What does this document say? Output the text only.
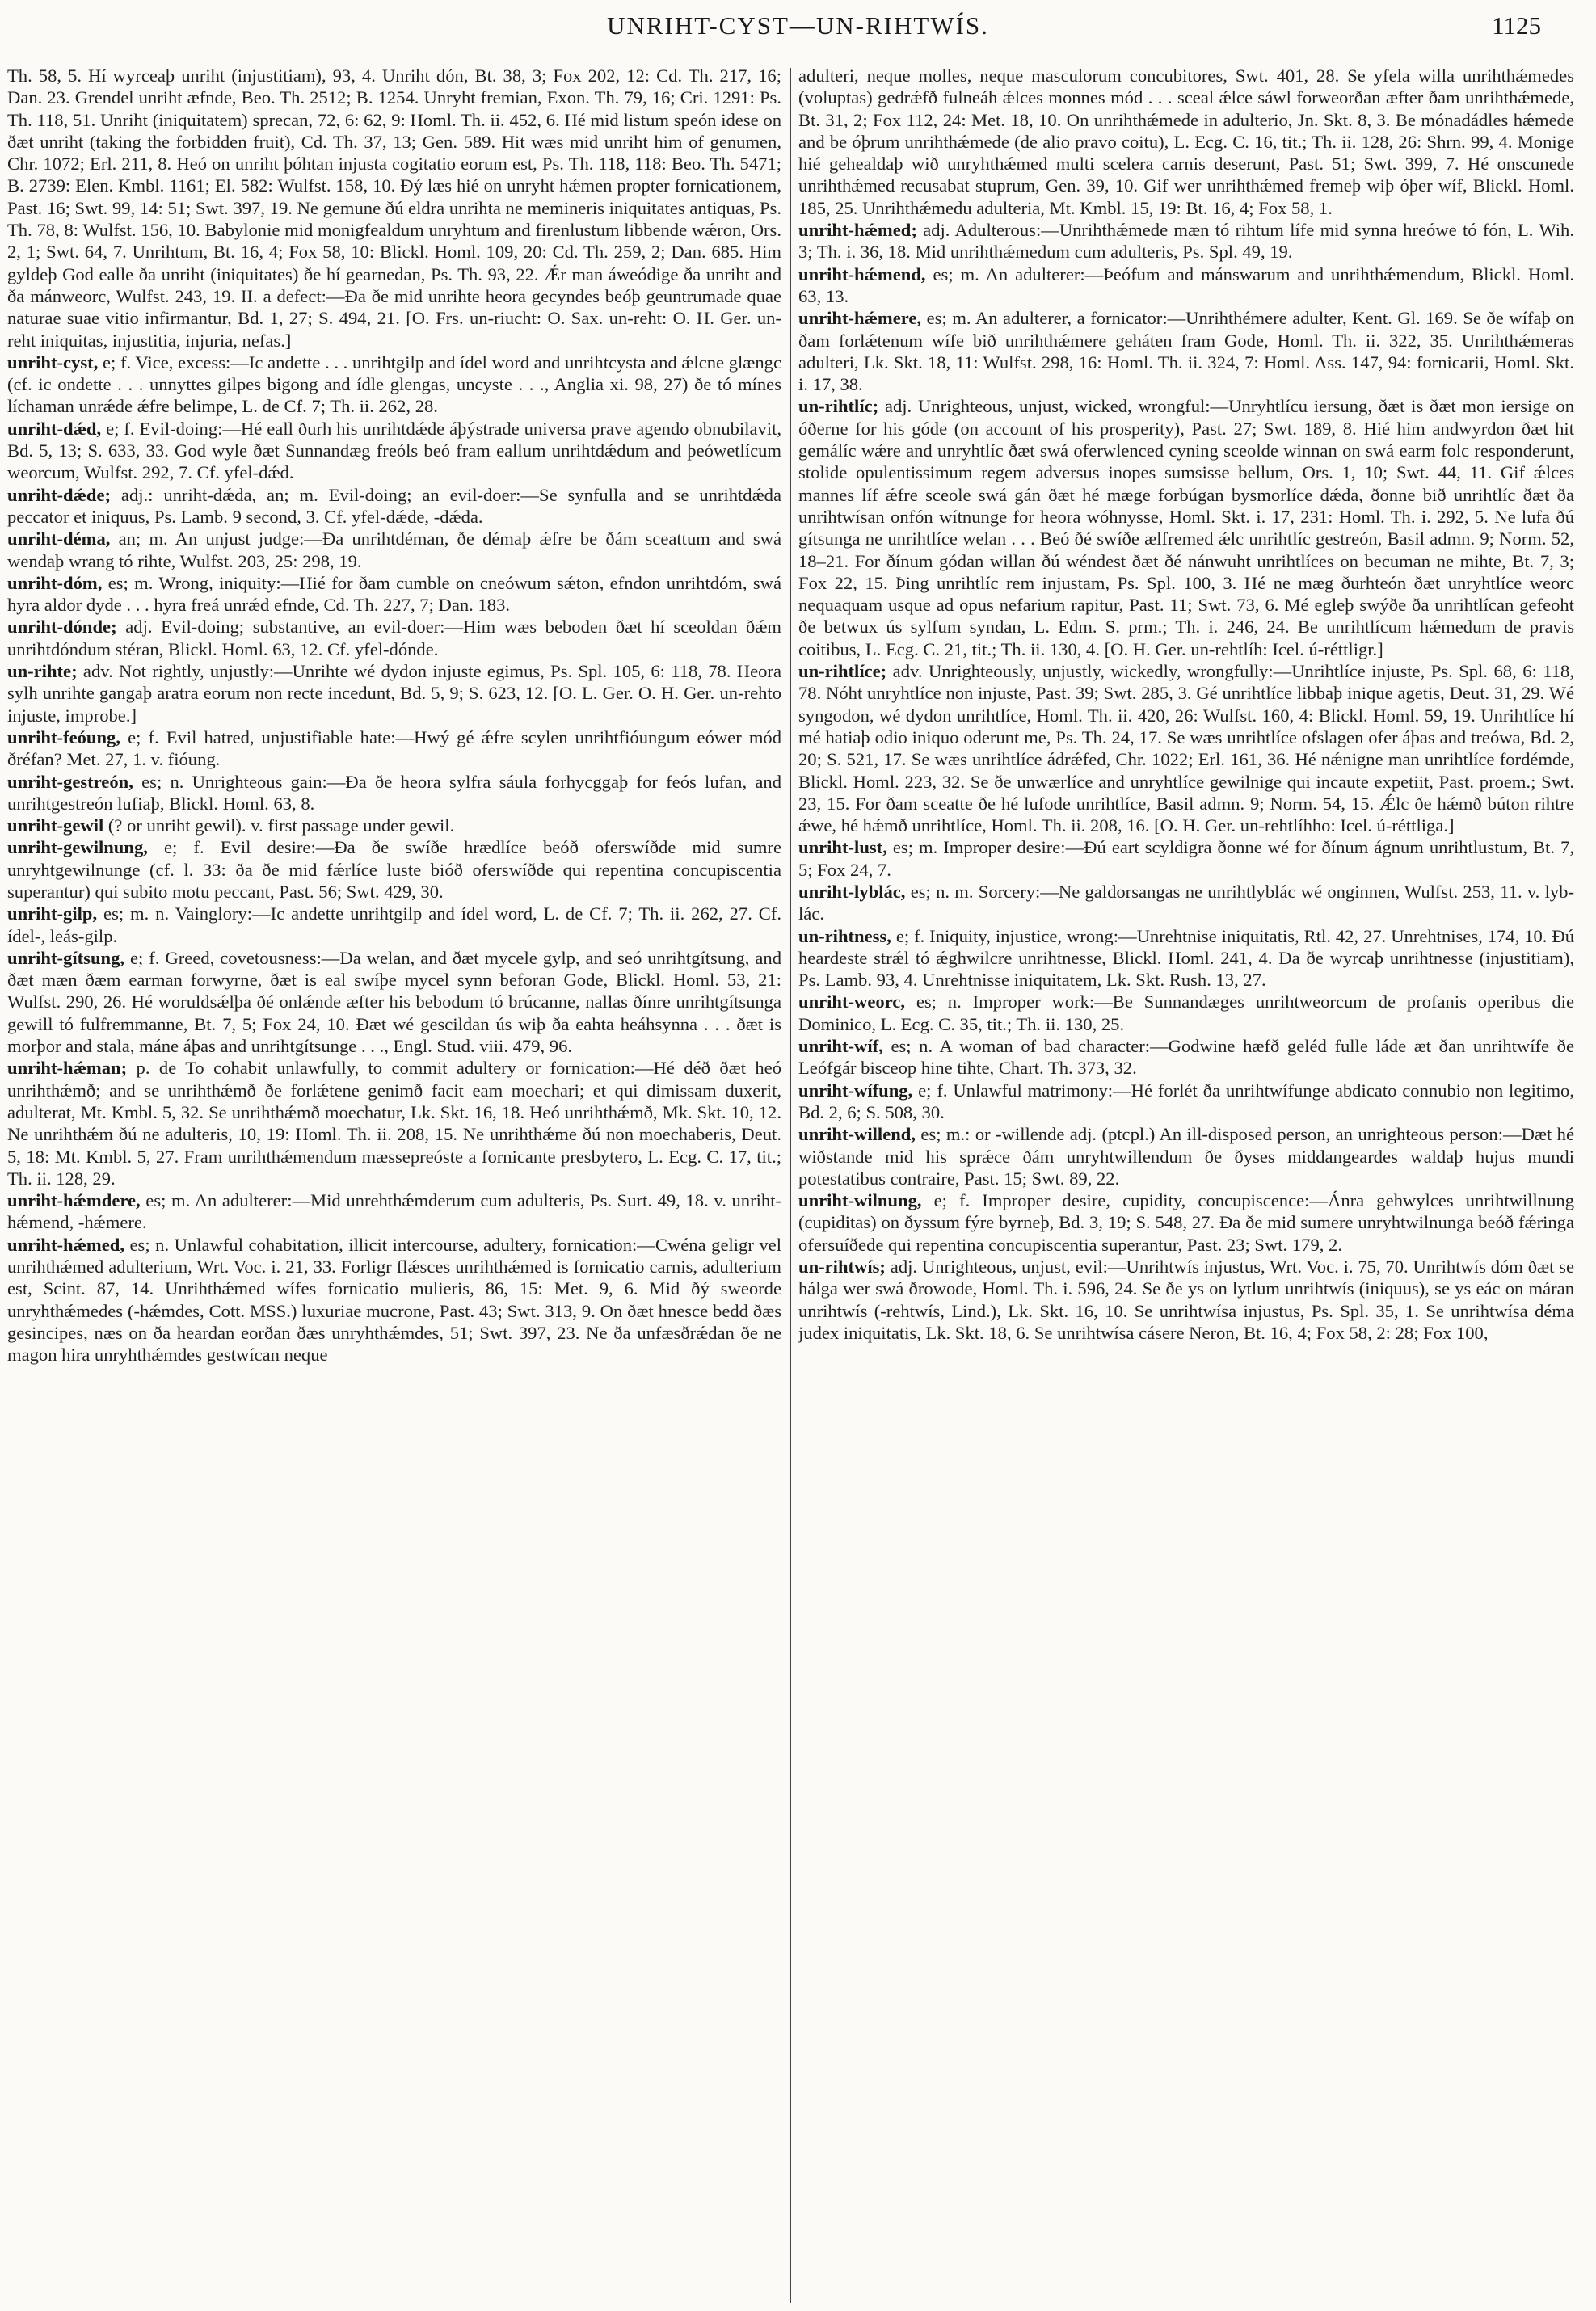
UNRIHT-CYST—UN-RIHTWÍS.	1125

Th. 58, 5. Hí wyrceaþ unriht (injustitiam), 93, 4. Unriht dón, Bt. 38, 3; Fox 202, 12: Cd. Th. 217, 16; Dan. 23. Grendel unriht æfnde, Beo. Th. 2512; B. 1254. Unryht fremian, Exon. Th. 79, 16; Cri. 1291: Ps. Th. 118, 51. Unriht (iniquitatem) sprecan, 72, 6: 62, 9: Homl. Th. ii. 452, 6. Hé mid listum speón idese on ðæt unriht (taking the forbidden fruit), Cd. Th. 37, 13; Gen. 589. Hit wæs mid unriht him of genumen, Chr. 1072; Erl. 211, 8. Heó on unriht þóhtan injusta cogitatio eorum est, Ps. Th. 118, 118: Beo. Th. 5471; B. 2739: Elen. Kmbl. 1161; El. 582: Wulfst. 158, 10. Ðý læs hié on unryht hǽmen propter fornicationem, Past. 16; Swt. 99, 14: 51; Swt. 397, 19. Ne gemune ðú eldra unrihta ne memineris iniquitates antiquas, Ps. Th. 78, 8: Wulfst. 156, 10. Babylonie mid monigfealdum unryhtum and firenlustum libbende wǽron, Ors. 2, 1; Swt. 64, 7. Unrihtum, Bt. 16, 4; Fox 58, 10: Blickl. Homl. 109, 20: Cd. Th. 259, 2; Dan. 685. Him gyldeþ God ealle ða unriht (iniquitates) ðe hí gearnedan, Ps. Th. 93, 22. Ǽr man áweódige ða unriht and ða mánweorc, Wulfst. 243, 19. II. a defect:—Ða ðe mid unrihte heora gecyndes beóþ geuntrumade quae naturae suae vitio infirmantur, Bd. 1, 27; S. 494, 21. [O. Frs. un-riucht: O. Sax. un-reht: O. H. Ger. un-reht iniquitas, injustitia, injuria, nefas.]

unriht-cyst, e; f. Vice, excess:—Ic andette . . . unrihtgilp and ídel word and unrihtcysta and ǽlcne glængc (cf. ic ondette . . . unnyttes gilpes bigong and ídle glengas, uncyste . . ., Anglia xi. 98, 27) ðe tó mínes líchaman unrǽde ǽfre belimpe, L. de Cf. 7; Th. ii. 262, 28.

unriht-dǽd, e; f. Evil-doing:—Hé eall ðurh his unrihtdǽde áþýstrade universa prave agendo obnubilavit, Bd. 5, 13; S. 633, 33. God wyle ðæt Sunnandæg freóls beó fram eallum unrihtdǽdum and þeówetlícum weorcum, Wulfst. 292, 7. Cf. yfel-dǽd.

unriht-dǽde; adj.: unriht-dǽda, an; m. Evil-doing; an evil-doer:—Se synfulla and se unrihtdǽda peccator et iniquus, Ps. Lamb. 9 second, 3. Cf. yfel-dǽde, -dǽda.

unriht-déma, an; m. An unjust judge:—Ða unrihtdéman, ðe démaþ ǽfre be ðám sceattum and swá wendaþ wrang tó rihte, Wulfst. 203, 25: 298, 19.

unriht-dóm, es; m. Wrong, iniquity:—Hié for ðam cumble on cneówum sǽton, efndon unrihtdóm, swá hyra aldor dyde . . . hyra freá unrǽd efnde, Cd. Th. 227, 7; Dan. 183.

unriht-dónde; adj. Evil-doing; substantive, an evil-doer:—Him wæs beboden ðæt hí sceoldan ðǽm unrihtdóndum stéran, Blickl. Homl. 63, 12. Cf. yfel-dónde.

un-rihte; adv. Not rightly, unjustly:—Unrihte wé dydon injuste egimus, Ps. Spl. 105, 6: 118, 78. Heora sylh unrihte gangaþ aratra eorum non recte incedunt, Bd. 5, 9; S. 623, 12. [O. L. Ger. O. H. Ger. un-rehto injuste, improbe.]

unriht-feóung, e; f. Evil hatred, unjustifiable hate:—Hwý gé ǽfre scylen unrihtfióungum eówer mód ðréfan? Met. 27, 1. v. fióung.

unriht-gestreón, es; n. Unrighteous gain:—Ða ðe heora sylfra sáula forhycggaþ for feós lufan, and unrihtgestreón lufiaþ, Blickl. Homl. 63, 8.

unriht-gewil (? or unriht gewil). v. first passage under gewil.

unriht-gewilnung, e; f. Evil desire:—Ða ðe swíðe hrædlíce beóð oferswíðde mid sumre unryhtgewilnunge (cf. l. 33: ða ðe mid fǽrlíce luste bióð oferswíðde qui repentina concupiscentia superantur) qui subito motu peccant, Past. 56; Swt. 429, 30.

unriht-gilp, es; m. n. Vainglory:—Ic andette unrihtgilp and ídel word, L. de Cf. 7; Th. ii. 262, 27. Cf. ídel-, leás-gilp.

unriht-gítsung, e; f. Greed, covetousness:—Ða welan, and ðæt mycele gylp, and seó unrihtgítsung, and ðæt mæn ðæm earman forwyrne, ðæt is eal swíþe mycel synn beforan Gode, Blickl. Homl. 53, 21: Wulfst. 290, 26. Hé woruldsǽlþa ðé onlǽnde æfter his bebodum tó brúcanne, nallas ðínre unrihtgítsunga gewill tó fulfremmanne, Bt. 7, 5; Fox 24, 10. Ðæt wé gescildan ús wiþ ða eahta heáhsynna . . . ðæt is morþor and stala, máne áþas and unrihtgítsunge . . ., Engl. Stud. viii. 479, 96.

unriht-hǽman; p. de To cohabit unlawfully, to commit adultery or fornication:—Hé déð ðæt heó unrihthǽmð; and se unrihthǽmð ðe forlǽtene genimð facit eam moechari; et qui dimissam duxerit, adulterat, Mt. Kmbl. 5, 32. Se unrihthǽmð moechatur, Lk. Skt. 16, 18. Heó unrihthǽmð, Mk. Skt. 10, 12. Ne unrihthǽm ðú ne adulteris, 10, 19: Homl. Th. ii. 208, 15. Ne unrihthǽme ðú non moechaberis, Deut. 5, 18: Mt. Kmbl. 5, 27. Fram unrihthǽmendum mæssepreóste a fornicante presbytero, L. Ecg. C. 17, tit.; Th. ii. 128, 29.

unriht-hǽmdere, es; m. An adulterer:—Mid unrehthǽmderum cum adulteris, Ps. Surt. 49, 18. v. unriht-hǽmend, -hǽmere.

unriht-hǽmed, es; n. Unlawful cohabitation, illicit intercourse, adultery, fornication:—Cwéna geligr vel unrihthǽmed adulterium, Wrt. Voc. i. 21, 33. Forligr flǽsces unrihthǽmed is fornicatio carnis, adulterium est, Scint. 87, 14. Unrihthǽmed wífes fornicatio mulieris, 86, 15: Met. 9, 6. Mid ðý sweorde unryhthǽmedes (-hǽmdes, Cott. MSS.) luxuriae mucrone, Past. 43; Swt. 313, 9. On ðæt hnesce bedd ðæs gesincipes, næs on ða heardan eorðan ðæs unryhthǽmdes, 51; Swt. 397, 23. Ne ða unfæsðrǽdan ðe ne magon hira unryhthǽmdes gestwícan neque

adulteri, neque molles, neque masculorum concubitores, Swt. 401, 28. Se yfela willa unrihthǽmedes (voluptas) gedrǽfð fulneáh ǽlces monnes mód . . . sceal ǽlce sáwl forweorðan æfter ðam unrihthǽmede, Bt. 31, 2; Fox 112, 24: Met. 18, 10. On unrihthǽmede in adulterio, Jn. Skt. 8, 3. Be mónadádles hǽmede and be óþrum unrihthǽmede (de alio pravo coitu), L. Ecg. C. 16, tit.; Th. ii. 128, 26: Shrn. 99, 4. Monige hié gehealdaþ wið unryhthǽmed multi scelera carnis deserunt, Past. 51; Swt. 399, 7. Hé onscunede unrihthǽmed recusabat stuprum, Gen. 39, 10. Gif wer unrihthǽmed fremeþ wiþ óþer wíf, Blickl. Homl. 185, 25. Unrihthǽmedu adulteria, Mt. Kmbl. 15, 19: Bt. 16, 4; Fox 58, 1.

unriht-hǽmed; adj. Adulterous:—Unrihthǽmede mæn tó rihtum lífe mid synna hreówe tó fón, L. Wih. 3; Th. i. 36, 18. Mid unrihthǽmedum cum adulteris, Ps. Spl. 49, 19.

unriht-hǽmend, es; m. An adulterer:—Þeófum and mánswarum and unrihthǽmendum, Blickl. Homl. 63, 13.

unriht-hǽmere, es; m. An adulterer, a fornicator:—Unrihthémere adulter, Kent. Gl. 169. Se ðe wífaþ on ðam forlǽtenum wífe bið unrihthǽmere geháten fram Gode, Homl. Th. ii. 322, 35. Unrihthǽmeras adulteri, Lk. Skt. 18, 11: Wulfst. 298, 16: Homl. Th. ii. 324, 7: Homl. Ass. 147, 94: fornicarii, Homl. Skt. i. 17, 38.

un-rihtlíc; adj. Unrighteous, unjust, wicked, wrongful:—Unryhtlícu iersung, ðæt is ðæt mon iersige on óðerne for his góde (on account of his prosperity), Past. 27; Swt. 189, 8. Hié him andwyrdon ðæt hit gemálíc wǽre and unryhtlíc ðæt swá oferwlenced cyning sceolde winnan on swá earm folc responderunt, stolide opulentissimum regem adversus inopes sumsisse bellum, Ors. 1, 10; Swt. 44, 11. Gif ǽlces mannes líf ǽfre sceole swá gán ðæt hé mæge forbúgan bysmorlíce dǽda, ðonne bið unrihtlíc ðæt ða unrihtwísan onfón wítnunge for heora wóhnysse, Homl. Skt. i. 17, 231: Homl. Th. i. 292, 5. Ne lufa ðú gítsunga ne unrihtlíce welan . . . Beó ðé swíðe ælfremed ǽlc unrihtlíc gestreón, Basil admn. 9; Norm. 52, 18–21. For ðínum gódan willan ðú wéndest ðæt ðé nánwuht unrihtlíces on becuman ne mihte, Bt. 7, 3; Fox 22, 15. Þing unrihtlíc rem injustam, Ps. Spl. 100, 3. Hé ne mæg ðurhteón ðæt unryhtlíce weorc nequaquam usque ad opus nefarium rapitur, Past. 11; Swt. 73, 6. Mé egleþ swýðe ða unrihtlícan gefeoht ðe betwux ús sylfum syndan, L. Edm. S. prm.; Th. i. 246, 24. Be unrihtlícum hǽmedum de pravis coitibus, L. Ecg. C. 21, tit.; Th. ii. 130, 4. [O. H. Ger. un-rehtlíh: Icel. ú-réttligr.]

un-rihtlíce; adv. Unrighteously, unjustly, wickedly, wrongfully:—Unrihtlíce injuste, Ps. Spl. 68, 6: 118, 78. Nóht unryhtlíce non injuste, Past. 39; Swt. 285, 3. Gé unrihtlíce libbaþ inique agetis, Deut. 31, 29. Wé syngodon, wé dydon unrihtlíce, Homl. Th. ii. 420, 26: Wulfst. 160, 4: Blickl. Homl. 59, 19. Unrihtlíce hí mé hatiaþ odio iniquo oderunt me, Ps. Th. 24, 17. Se wæs unrihtlíce ofslagen ofer áþas and treówa, Bd. 2, 20; S. 521, 17. Se wæs unrihtlíce ádrǽfed, Chr. 1022; Erl. 161, 36. Hé nǽnigne man unrihtlíce fordémde, Blickl. Homl. 223, 32. Se ðe unwærlíce and unryhtlíce gewilnige qui incaute expetiit, Past. proem.; Swt. 23, 15. For ðam sceatte ðe hé lufode unrihtlíce, Basil admn. 9; Norm. 54, 15. Ǽlc ðe hǽmð búton rihtre ǽwe, hé hǽmð unrihtlíce, Homl. Th. ii. 208, 16. [O. H. Ger. un-rehtlíhho: Icel. ú-réttliga.]

unriht-lust, es; m. Improper desire:—Ðú eart scyldigra ðonne wé for ðínum ágnum unrihtlustum, Bt. 7, 5; Fox 24, 7.

unriht-lyblác, es; n. m. Sorcery:—Ne galdorsangas ne unrihtlyblác wé onginnen, Wulfst. 253, 11. v. lyb-lác.

un-rihtness, e; f. Iniquity, injustice, wrong:—Unrehtnise iniquitatis, Rtl. 42, 27. Unrehtnises, 174, 10. Ðú heardeste strǽl tó ǽghwilcre unrihtnesse, Blickl. Homl. 241, 4. Ða ðe wyrcaþ unrihtnesse (injustitiam), Ps. Lamb. 93, 4. Unrehtnisse iniquitatem, Lk. Skt. Rush. 13, 27.

unriht-weorc, es; n. Improper work:—Be Sunnandæges unrihtweorcum de profanis operibus die Dominico, L. Ecg. C. 35, tit.; Th. ii. 130, 25.

unriht-wíf, es; n. A woman of bad character:—Godwine hæfð geléd fulle láde æt ðan unrihtwífe ðe Leófgár bisceop hine tihte, Chart. Th. 373, 32.

unriht-wífung, e; f. Unlawful matrimony:—Hé forlét ða unrihtwífunge abdicato connubio non legitimo, Bd. 2, 6; S. 508, 30.

unriht-willend, es; m.: or -willende adj. (ptcpl.) An ill-disposed person, an unrighteous person:—Ðæt hé wiðstande mid his sprǽce ðám unryhtwillendum ðe ðyses middangeardes waldaþ hujus mundi potestatibus contraire, Past. 15; Swt. 89, 22.

unriht-wilnung, e; f. Improper desire, cupidity, concupiscence:—Ánra gehwylces unrihtwillnung (cupiditas) on ðyssum fýre byrneþ, Bd. 3, 19; S. 548, 27. Ða ðe mid sumere unryhtwilnunga beóð fǽringa ofersuíðede qui repentina concupiscentia superantur, Past. 23; Swt. 179, 2.

un-rihtwís; adj. Unrighteous, unjust, evil:—Unrihtwís injustus, Wrt. Voc. i. 75, 70. Unrihtwís dóm ðæt se hálga wer swá ðrowode, Homl. Th. i. 596, 24. Se ðe ys on lytlum unrihtwís (iniquus), se ys eác on máran unrihtwís (-rehtwís, Lind.), Lk. Skt. 16, 10. Se unrihtwísa injustus, Ps. Spl. 35, 1. Se unrihtwísa déma judex iniquitatis, Lk. Skt. 18, 6. Se unrihtwísa cásere Neron, Bt. 16, 4; Fox 58, 2: 28; Fox 100,
